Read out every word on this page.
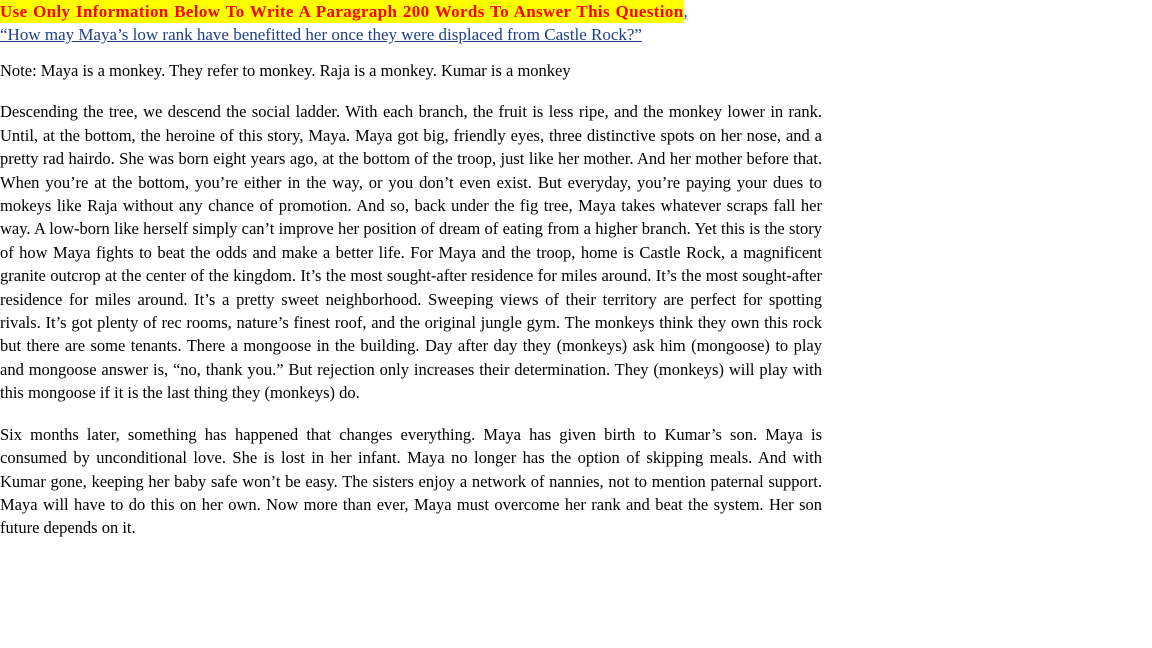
Use Only Information Below To Write A Paragraph 200 Words To Answer This Question,

“How may Maya’s low rank have benefitted her once they were displaced from Castle Rock?”

Note: Maya is a monkey. They refer to monkey. Raja is a monkey. Kumar is a monkey

Descending the tree, we descend the social ladder. With each branch, the fruit is less ripe, and the monkey lower in rank. Until, at the bottom, the heroine of this story, Maya. Maya got big, friendly eyes, three distinctive spots on her nose, and a pretty rad hairdo. She was born eight years ago, at the bottom of the troop, just like her mother. And her mother before that. When you’re at the bottom, you’re either in the way, or you don’t even exist. But everyday, you’re paying your dues to mokeys like Raja without any chance of promotion. And so, back under the fig tree, Maya takes whatever scraps fall her way. A low-born like herself simply can’t improve her position of dream of eating from a higher branch. Yet this is the story of how Maya fights to beat the odds and make a better life. For Maya and the troop, home is Castle Rock, a magnificent granite outcrop at the center of the kingdom. It’s the most sought-after residence for miles around. It’s the most sought-after residence for miles around. It’s a pretty sweet neighborhood. Sweeping views of their territory are perfect for spotting rivals. It’s got plenty of rec rooms, nature’s finest roof, and the original jungle gym. The monkeys think they own this rock but there are some tenants. There a mongoose in the building. Day after day they (monkeys) ask him (mongoose) to play and mongoose answer is, “no, thank you.” But rejection only increases their determination. They (monkeys) will play with this mongoose if it is the last thing they (monkeys) do.

Six months later, something has happened that changes everything. Maya has given birth to Kumar’s son. Maya is consumed by unconditional love. She is lost in her infant. Maya no longer has the option of skipping meals. And with Kumar gone, keeping her baby safe won’t be easy. The sisters enjoy a network of nannies, not to mention paternal support. Maya will have to do this on her own. Now more than ever, Maya must overcome her rank and beat the system. Her son future depends on it.
